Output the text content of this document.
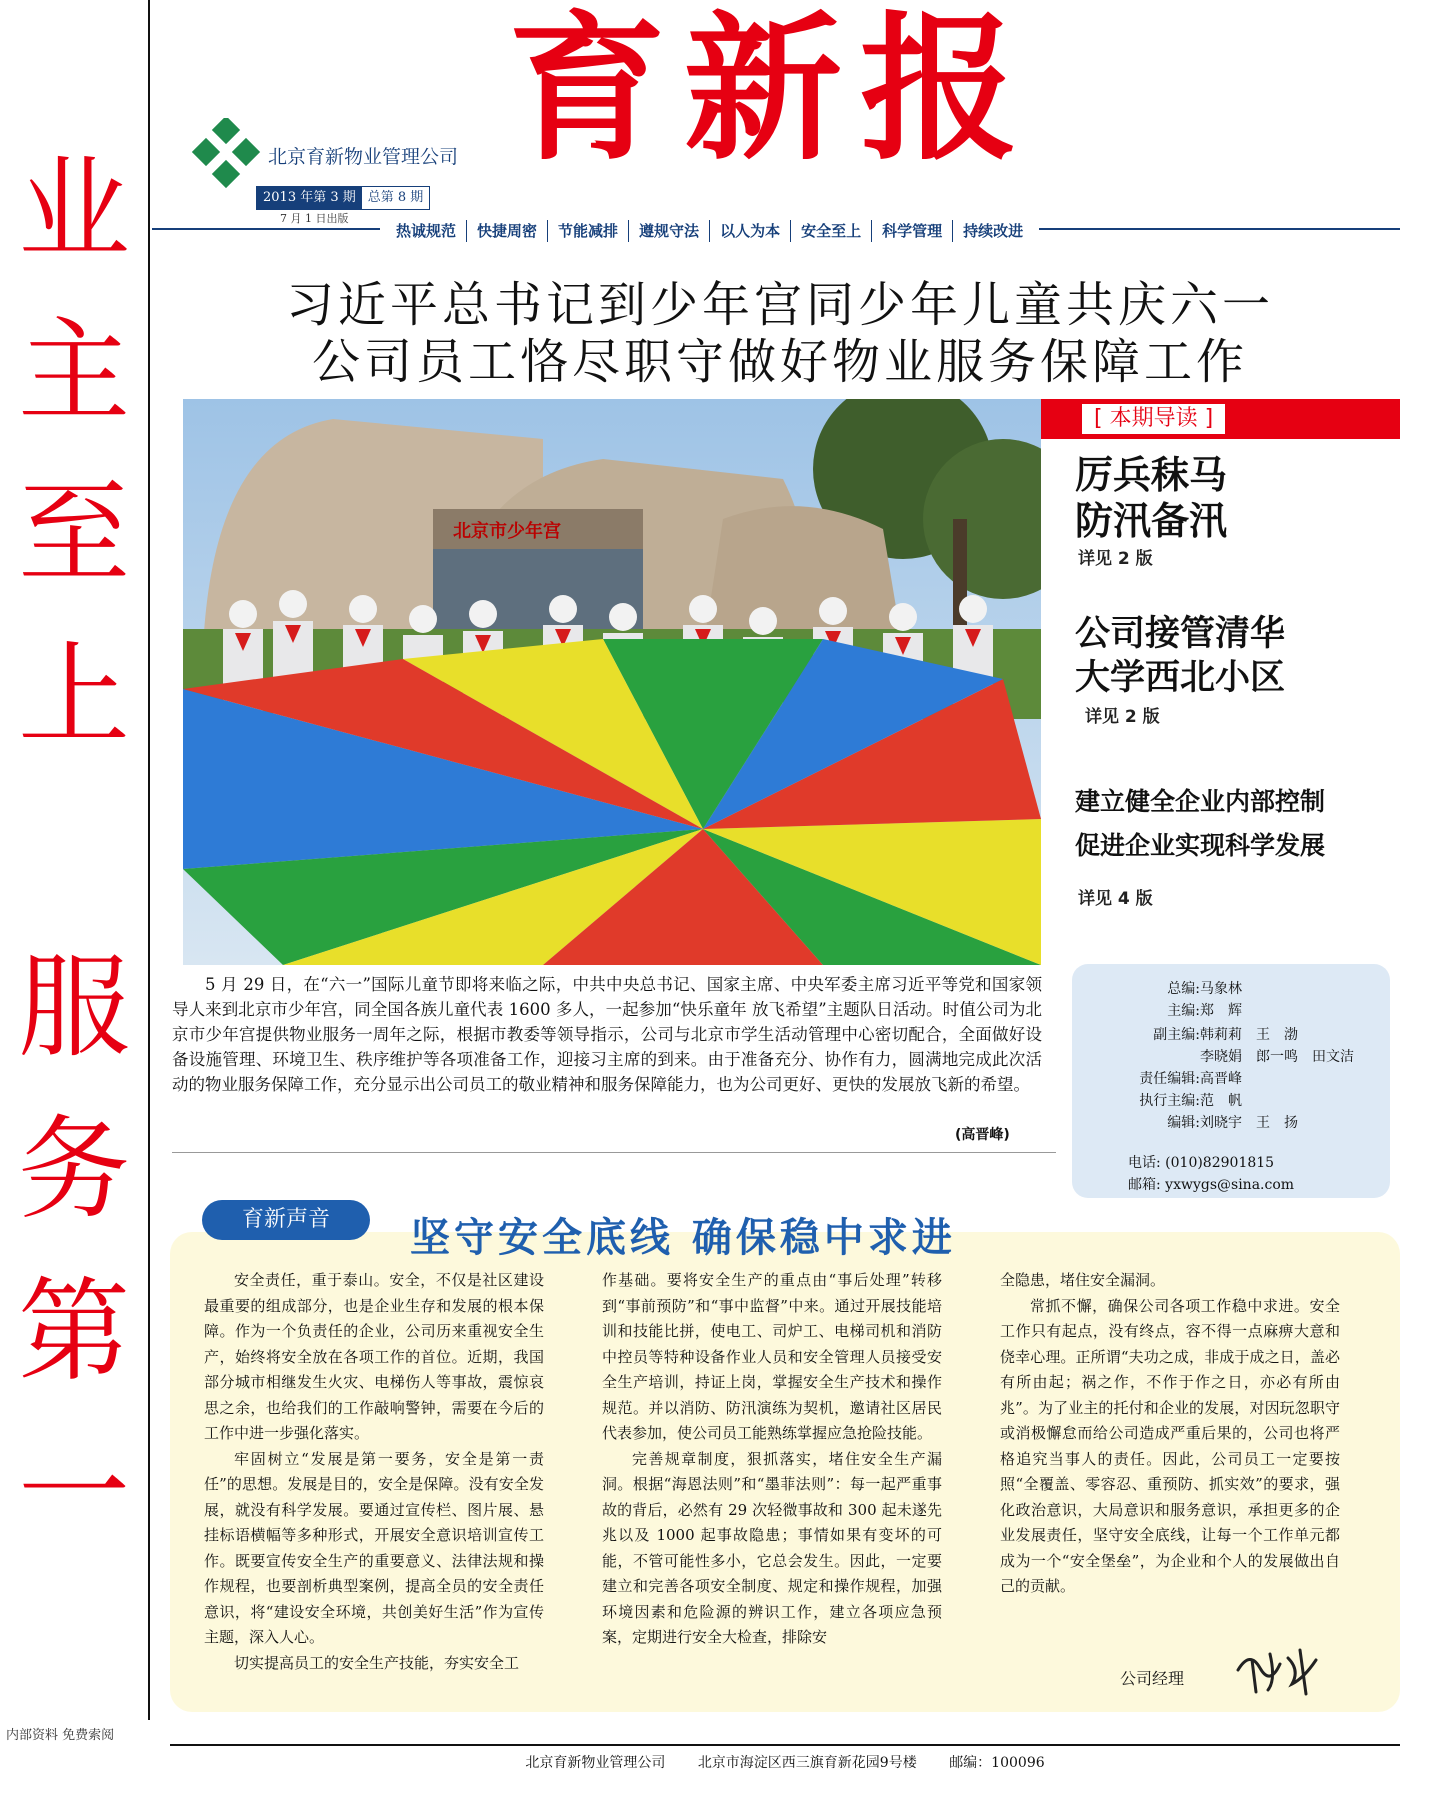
业
主
至
上
服
务
第
一
内部资料 免费索阅
育新报
北京育新物业管理公司
2013 年第 3 期 总第 8 期
7 月 1 日出版
热诚规范	快捷周密	节能减排	遵规守法	以人为本	安全至上	科学管理	持续改进
习近平总书记到少年宫同少年儿童共庆六一
公司员工恪尽职守做好物业服务保障工作
北京市少年宫
[ 本期导读 ]
厉兵秣马
防汛备汛
详见 2 版
公司接管清华
大学西北小区
详见 2 版
建立健全企业内部控制
促进企业实现科学发展
详见 4 版

5 月 29 日，在“六一”国际儿童节即将来临之际，中共中央总书记、国家主席、中央军委主席习近平等党和国家领导人来到北京市少年宫，同全国各族儿童代表 1600 多人，一起参加“快乐童年 放飞希望”主题队日活动。时值公司为北京市少年宫提供物业服务一周年之际，根据市教委等领导指示，公司与北京市学生活动管理中心密切配合，全面做好设备设施管理、环境卫生、秩序维护等各项准备工作，迎接习主席的到来。由于准备充分、协作有力，圆满地完成此次活动的物业服务保障工作，充分显示出公司员工的敬业精神和服务保障能力，也为公司更好、更快的发展放飞新的希望。

(高晋峰)
总编:马象林
主编:郑　辉
副主编:韩莉莉　王　渤
李晓娟　郎一鸣　田文洁
责任编辑:高晋峰
执行主编:范　帆
编辑:刘晓宇　王　扬
电话: (010)82901815
邮箱: yxwygs@sina.com
育新声音	坚守安全底线 确保稳中求进

安全责任，重于泰山。安全，不仅是社区建设最重要的组成部分，也是企业生存和发展的根本保障。作为一个负责任的企业，公司历来重视安全生产，始终将安全放在各项工作的首位。近期，我国部分城市相继发生火灾、电梯伤人等事故，震惊哀思之余，也给我们的工作敲响警钟，需要在今后的工作中进一步强化落实。

牢固树立“发展是第一要务，安全是第一责任”的思想。发展是目的，安全是保障。没有安全发展，就没有科学发展。要通过宣传栏、图片展、悬挂标语横幅等多种形式，开展安全意识培训宣传工作。既要宣传安全生产的重要意义、法律法规和操作规程，也要剖析典型案例，提高全员的安全责任意识，将“建设安全环境，共创美好生活”作为宣传主题，深入人心。

切实提高员工的安全生产技能，夯实安全工

作基础。要将安全生产的重点由“事后处理”转移到“事前预防”和“事中监督”中来。通过开展技能培训和技能比拼，使电工、司炉工、电梯司机和消防中控员等特种设备作业人员和安全管理人员接受安全生产培训，持证上岗，掌握安全生产技术和操作规范。并以消防、防汛演练为契机，邀请社区居民代表参加，使公司员工能熟练掌握应急抢险技能。

完善规章制度，狠抓落实，堵住安全生产漏洞。根据“海恩法则”和“墨菲法则”：每一起严重事故的背后，必然有 29 次轻微事故和 300 起未遂先兆以及 1000 起事故隐患；事情如果有变坏的可能，不管可能性多小，它总会发生。因此，一定要建立和完善各项安全制度、规定和操作规程，加强环境因素和危险源的辨识工作，建立各项应急预案，定期进行安全大检查，排除安

全隐患，堵住安全漏洞。

常抓不懈，确保公司各项工作稳中求进。安全工作只有起点，没有终点，容不得一点麻痹大意和侥幸心理。正所谓“夫功之成，非成于成之日，盖必有所由起；祸之作，不作于作之日，亦必有所由兆”。为了业主的托付和企业的发展，对因玩忽职守或消极懈怠而给公司造成严重后果的，公司也将严格追究当事人的责任。因此，公司员工一定要按照“全覆盖、零容忍、重预防、抓实效”的要求，强化政治意识，大局意识和服务意识，承担更多的企业发展责任，坚守安全底线，让每一个工作单元都成为一个“安全堡垒”，为企业和个人的发展做出自己的贡献。

公司经理
北京育新物业管理公司 北京市海淀区西三旗育新花园9号楼 邮编：100096
